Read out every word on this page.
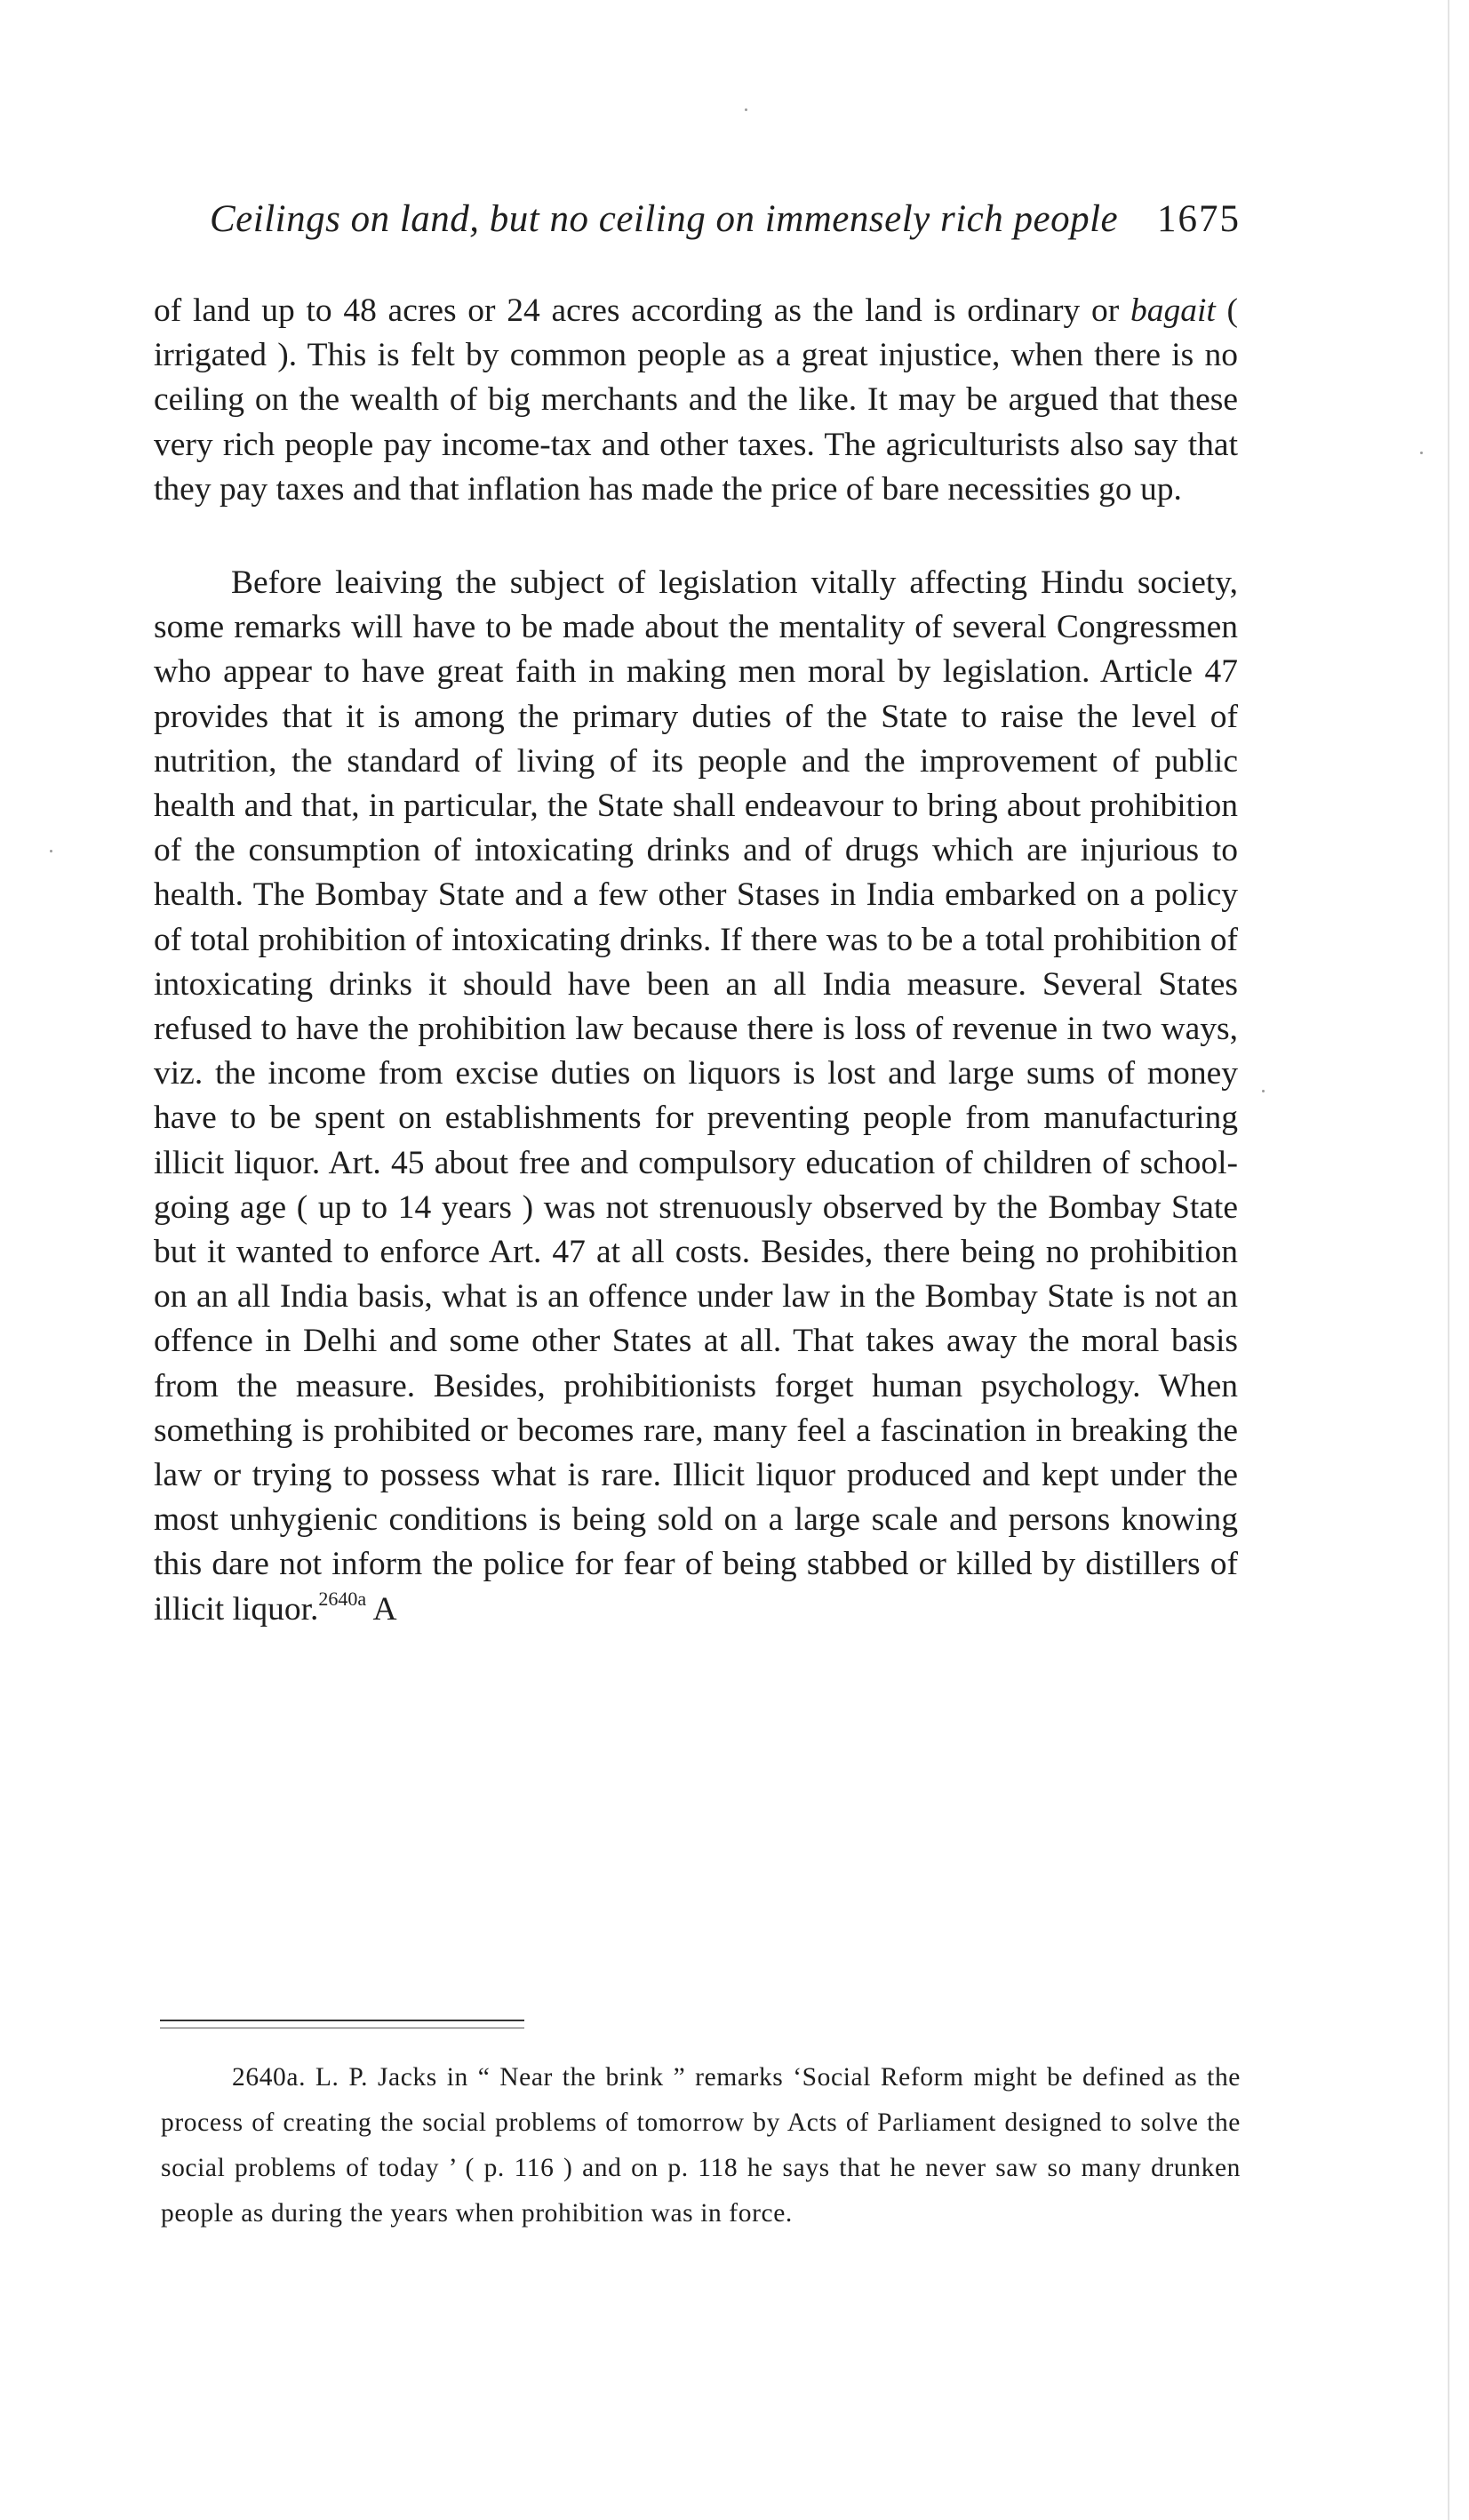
Ceilings on land, but no ceiling on immensely rich people 1675

of land up to 48 acres or 24 acres according as the land is ordinary or bagait ( irrigated ). This is felt by common people as a great injustice, when there is no ceiling on the wealth of big merchants and the like. It may be argued that these very rich people pay income-tax and other taxes. The agriculturists also say that they pay taxes and that inflation has made the price of bare necessities go up.

Before leaiving the subject of legislation vitally affecting Hindu society, some remarks will have to be made about the mentality of several Congressmen who appear to have great faith in making men moral by legislation. Article 47 provides that it is among the primary duties of the State to raise the level of nutrition, the standard of living of its people and the improvement of public health and that, in particular, the State shall endeavour to bring about prohibition of the consumption of intoxicating drinks and of drugs which are injurious to health. The Bombay State and a few other Stases in India embarked on a policy of total prohibition of intoxicating drinks. If there was to be a total prohibition of intoxicating drinks it should have been an all India measure. Several States refused to have the prohibition law because there is loss of revenue in two ways, viz. the income from excise duties on liquors is lost and large sums of money have to be spent on establishments for preventing people from manufacturing illicit liquor. Art. 45 about free and compulsory education of children of school-going age ( up to 14 years ) was not strenuously observed by the Bombay State but it wanted to enforce Art. 47 at all costs. Besides, there being no prohibition on an all India basis, what is an offence under law in the Bombay State is not an offence in Delhi and some other States at all. That takes away the moral basis from the measure. Besides, prohibitionists forget human psychology. When something is prohibited or becomes rare, many feel a fascination in breaking the law or trying to possess what is rare. Illicit liquor produced and kept under the most unhygienic conditions is being sold on a large scale and persons knowing this dare not inform the police for fear of being stabbed or killed by distillers of illicit liquor.$^{2640a}$ A

2640a. L. P. Jacks in “ Near the brink ” remarks ‘Social Reform might be defined as the process of creating the social problems of tomorrow by Acts of Parliament designed to solve the social problems of today ’ ( p. 116 ) and on p. 118 he says that he never saw so many drunken people as during the years when prohibition was in force.
